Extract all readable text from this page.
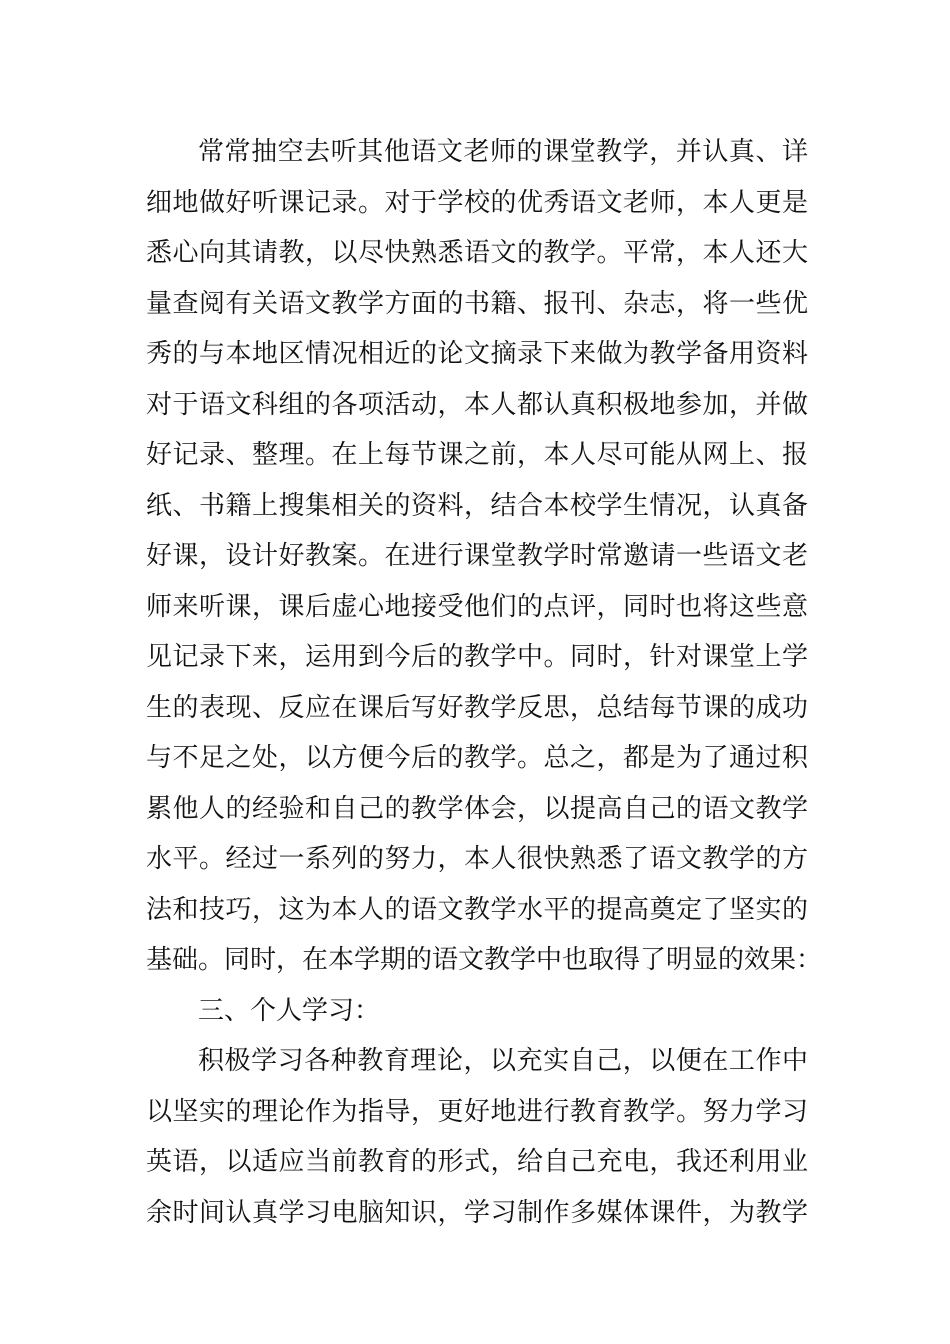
常常抽空去听其他语文老师的课堂教学，并认真、详
细地做好听课记录。对于学校的优秀语文老师，本人更是
悉心向其请教，以尽快熟悉语文的教学。平常，本人还大
量查阅有关语文教学方面的书籍、报刊、杂志，将一些优
秀的与本地区情况相近的论文摘录下来做为教学备用资料
对于语文科组的各项活动，本人都认真积极地参加，并做
好记录、整理。在上每节课之前，本人尽可能从网上、报
纸、书籍上搜集相关的资料，结合本校学生情况，认真备
好课，设计好教案。在进行课堂教学时常邀请一些语文老
师来听课，课后虚心地接受他们的点评，同时也将这些意
见记录下来，运用到今后的教学中。同时，针对课堂上学
生的表现、反应在课后写好教学反思，总结每节课的成功
与不足之处，以方便今后的教学。总之，都是为了通过积
累他人的经验和自己的教学体会，以提高自己的语文教学
水平。经过一系列的努力，本人很快熟悉了语文教学的方
法和技巧，这为本人的语文教学水平的提高奠定了坚实的
基础。同时，在本学期的语文教学中也取得了明显的效果：
三、个人学习：
积极学习各种教育理论，以充实自己，以便在工作中
以坚实的理论作为指导，更好地进行教育教学。努力学习
英语，以适应当前教育的形式，给自己充电，我还利用业
余时间认真学习电脑知识，学习制作多媒体课件，为教学
